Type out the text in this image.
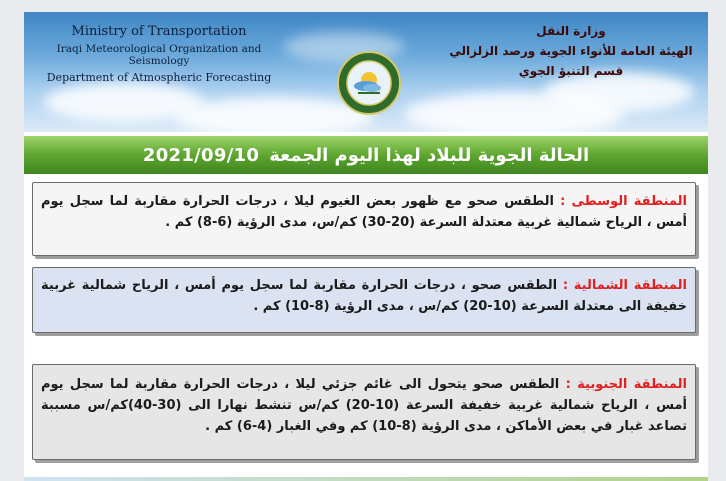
Ministry of Transportation
Iraqi Meteorological Organization and Seismology
Department of Atmospheric Forecasting
وزارة النقل
الهيئة العامة للأنواء الجوية ورصد الزلزالي
قسم التنبؤ الجوي
الحالة الجوية للبلاد لهذا اليوم الجمعة
2021/09/10
المنطقة الوسطى : الطقس صحو مع ظهور بعض الغيوم ليلا ، درجات الحرارة مقاربة لما سجل يوم أمس ، الرياح شمالية غربية معتدلة السرعة (20-30) كم/س، مدى الرؤية (6-8) كم .
المنطقة الشمالية : الطقس صحو ، درجات الحرارة مقاربة لما سجل يوم أمس ، الرياح شمالية غربية خفيفة الى معتدلة السرعة (10-20) كم/س ، مدى الرؤية (8-10) كم .
المنطقة الجنوبية : الطقس صحو يتحول الى غائم جزئي ليلا ، درجات الحرارة مقاربة لما سجل يوم أمس ، الرياح شمالية غربية خفيفة السرعة (10-20) كم/س تنشط نهارا الى (30-40)كم/س مسببة تصاعد غبار في بعض الأماكن ، مدى الرؤية (8-10) كم وفي الغبار (4-6) كم .
